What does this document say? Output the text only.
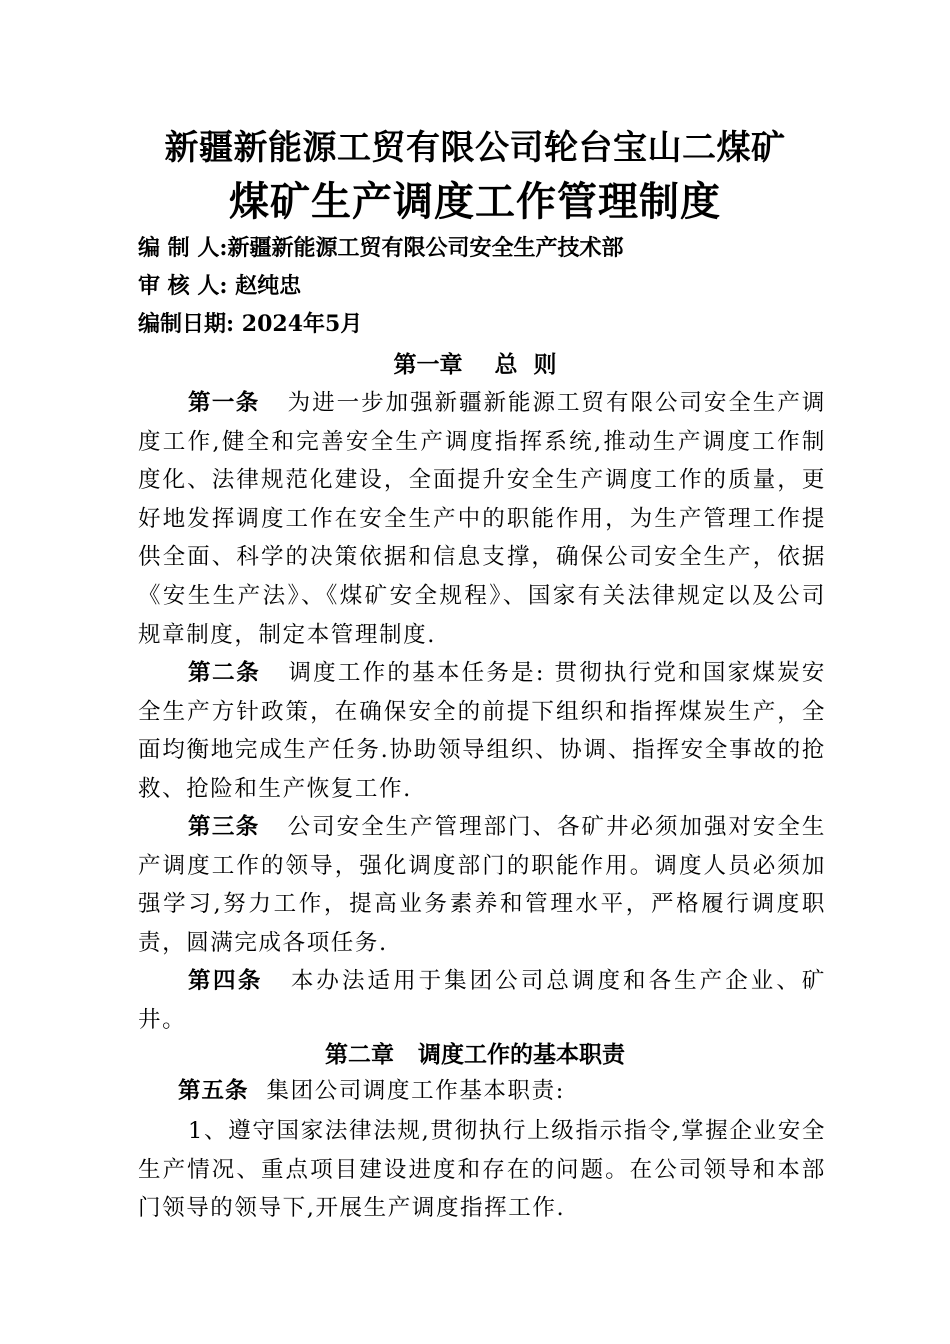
新疆新能源工贸有限公司轮台宝山二煤矿
煤矿生产调度工作管理制度
编 制 人:新疆新能源工贸有限公司安全生产技术部
审 核 人: 赵纯忠
编制日期: 2024年5月
第一章    总  则
第一条 为进一步加强新疆新能源工贸有限公司安全生产调度工作,健全和完善安全生产调度指挥系统,推动生产调度工作制度化、法律规范化建设，全面提升安全生产调度工作的质量，更好地发挥调度工作在安全生产中的职能作用，为生产管理工作提供全面、科学的决策依据和信息支撑，确保公司安全生产，依据《安生生产法》、《煤矿安全规程》、国家有关法律规定以及公司规章制度，制定本管理制度.
第二条 调度工作的基本任务是: 贯彻执行党和国家煤炭安全生产方针政策，在确保安全的前提下组织和指挥煤炭生产，全面均衡地完成生产任务.协助领导组织、协调、指挥安全事故的抢救、抢险和生产恢复工作.
第三条 公司安全生产管理部门、各矿井必须加强对安全生产调度工作的领导，强化调度部门的职能作用。调度人员必须加强学习,努力工作，提高业务素养和管理水平，严格履行调度职责，圆满完成各项任务.
第四条 本办法适用于集团公司总调度和各生产企业、矿井。
第二章   调度工作的基本职责
第五条 集团公司调度工作基本职责:
1、遵守国家法律法规,贯彻执行上级指示指令,掌握企业安全生产情况、重点项目建设进度和存在的问题。在公司领导和本部门领导的领导下,开展生产调度指挥工作.
